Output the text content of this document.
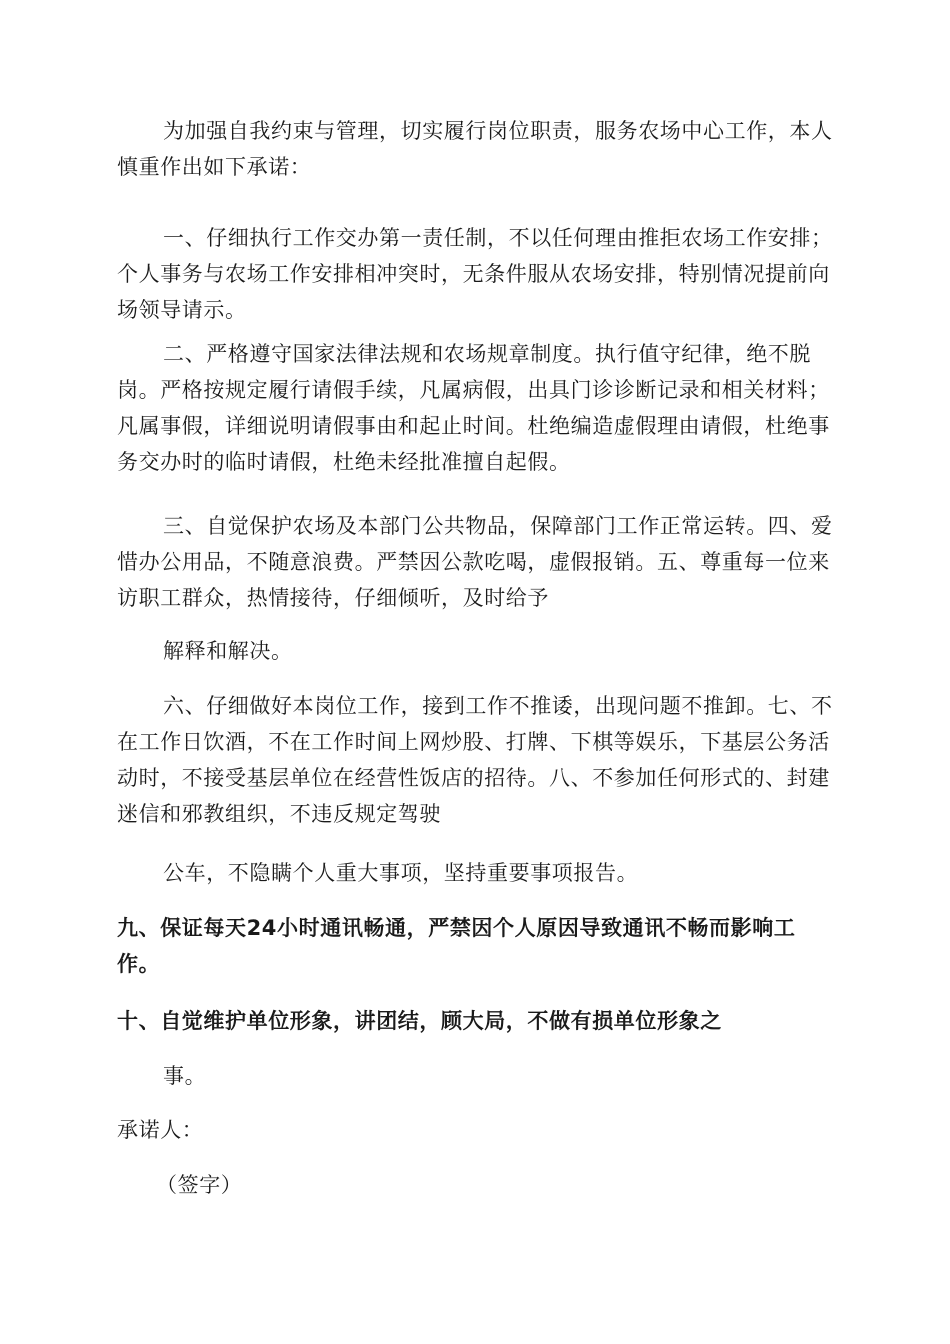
为加强自我约束与管理，切实履行岗位职责，服务农场中心工作，本人慎重作出如下承诺：

一、仔细执行工作交办第一责任制，不以任何理由推拒农场工作安排；个人事务与农场工作安排相冲突时，无条件服从农场安排，特别情况提前向场领导请示。

二、严格遵守国家法律法规和农场规章制度。执行值守纪律，绝不脱岗。严格按规定履行请假手续，凡属病假，出具门诊诊断记录和相关材料；凡属事假，详细说明请假事由和起止时间。杜绝编造虚假理由请假，杜绝事务交办时的临时请假，杜绝未经批准擅自起假。

三、自觉保护农场及本部门公共物品，保障部门工作正常运转。四、爱惜办公用品，不随意浪费。严禁因公款吃喝，虚假报销。五、尊重每一位来访职工群众，热情接待，仔细倾听，及时给予

解释和解决。

六、仔细做好本岗位工作，接到工作不推诿，出现问题不推卸。七、不在工作日饮酒，不在工作时间上网炒股、打牌、下棋等娱乐，下基层公务活动时，不接受基层单位在经营性饭店的招待。八、不参加任何形式的、封建迷信和邪教组织，不违反规定驾驶

公车，不隐瞒个人重大事项，坚持重要事项报告。

九、保证每天24小时通讯畅通，严禁因个人原因导致通讯不畅而影响工作。

十、自觉维护单位形象，讲团结，顾大局，不做有损单位形象之

事。

承诺人：

（签字）
